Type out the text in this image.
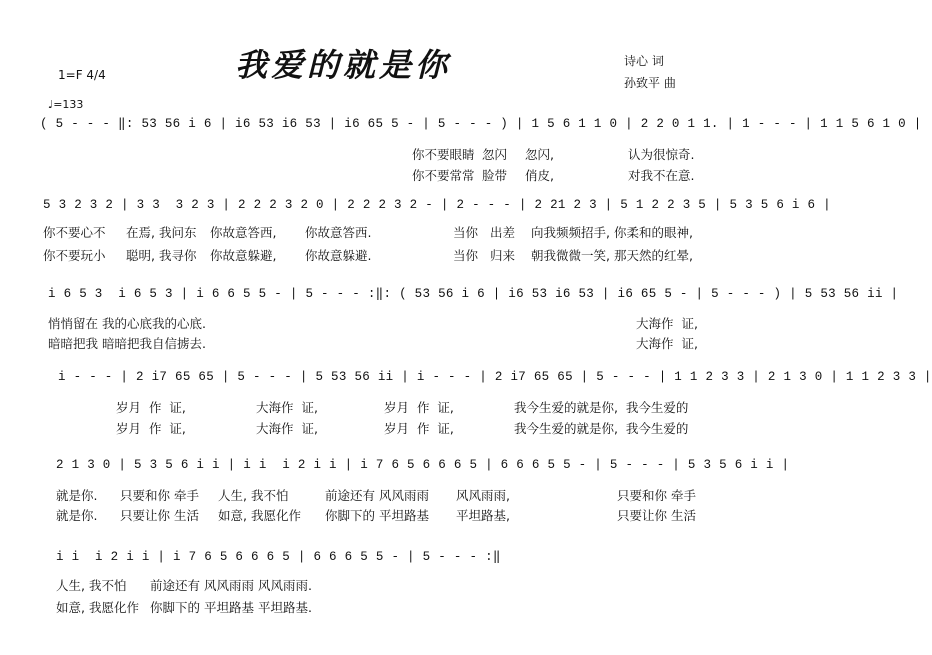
我爱的就是你
1=F 4/4
♩=133
诗心 词
孙致平 曲
( 5 - - - ‖: 53 56 i 6 | i6 53 i6 53 | i6 65 5 - | 5 - - - ) | 1 5 6 1 1 0 | 2 2 0 1 1. | 1 - - - | 1 1 5 6 1 0 |
你不要眼睛 忽闪 忽闪,	认为很惊奇.
你不要常常 脸带 俏皮,	对我不在意.
5 3 2 3 2 | 3 3  3 2 3 | 2 2 2 3 2 0 | 2 2 2 3 2 - | 2 - - - | 2 21 2 3 | 5 1 2 2 3 5 | 5 3 5 6 i 6 |
你不要心不 在焉, 我问东 你故意答西, 你故意答西.	当你 出差 向我频频招手, 你柔和的眼神,
你不要玩小 聪明, 我寻你 你故意躲避, 你故意躲避.	当你 归来 朝我微微一笑, 那天然的红晕,
i 6 5 3  i 6 5 3 | i 6 6 5 5 - | 5 - - - :‖: ( 53 56 i 6 | i6 53 i6 53 | i6 65 5 - | 5 - - - ) | 5 53 56 ii |
悄悄留在 我的心底我的心底.	大海作  证,
暗暗把我 暗暗把我自信掳去.	大海作  证,
i - - - | 2 i7 65 65 | 5 - - - | 5 53 56 ii | i - - - | 2 i7 65 65 | 5 - - - | 1 1 2 3 3 | 2 1 3 0 | 1 1 2 3 3 |
岁月  作  证,	大海作  证,	岁月  作  证,	我今生爱的就是你,  我今生爱的
岁月  作  证,	大海作  证,	岁月  作  证,	我今生爱的就是你,  我今生爱的
2 1 3 0 | 5 3 5 6 i i | i i  i 2 i i | i 7 6 5 6 6 6 5 | 6 6 6 5 5 - | 5 - - - | 5 3 5 6 i i |
就是你. 只要和你 牵手 人生, 我不怕	前途还有 风风雨雨 风风雨雨,	只要和你 牵手
就是你. 只要让你 生活 如意, 我愿化作 你脚下的 平坦路基 平坦路基,	只要让你 生活
i i  i 2 i i | i 7 6 5 6 6 6 5 | 6 6 6 5 5 - | 5 - - - :‖
人生, 我不怕 前途还有 风风雨雨 风风雨雨.
如意, 我愿化作 你脚下的 平坦路基 平坦路基.
